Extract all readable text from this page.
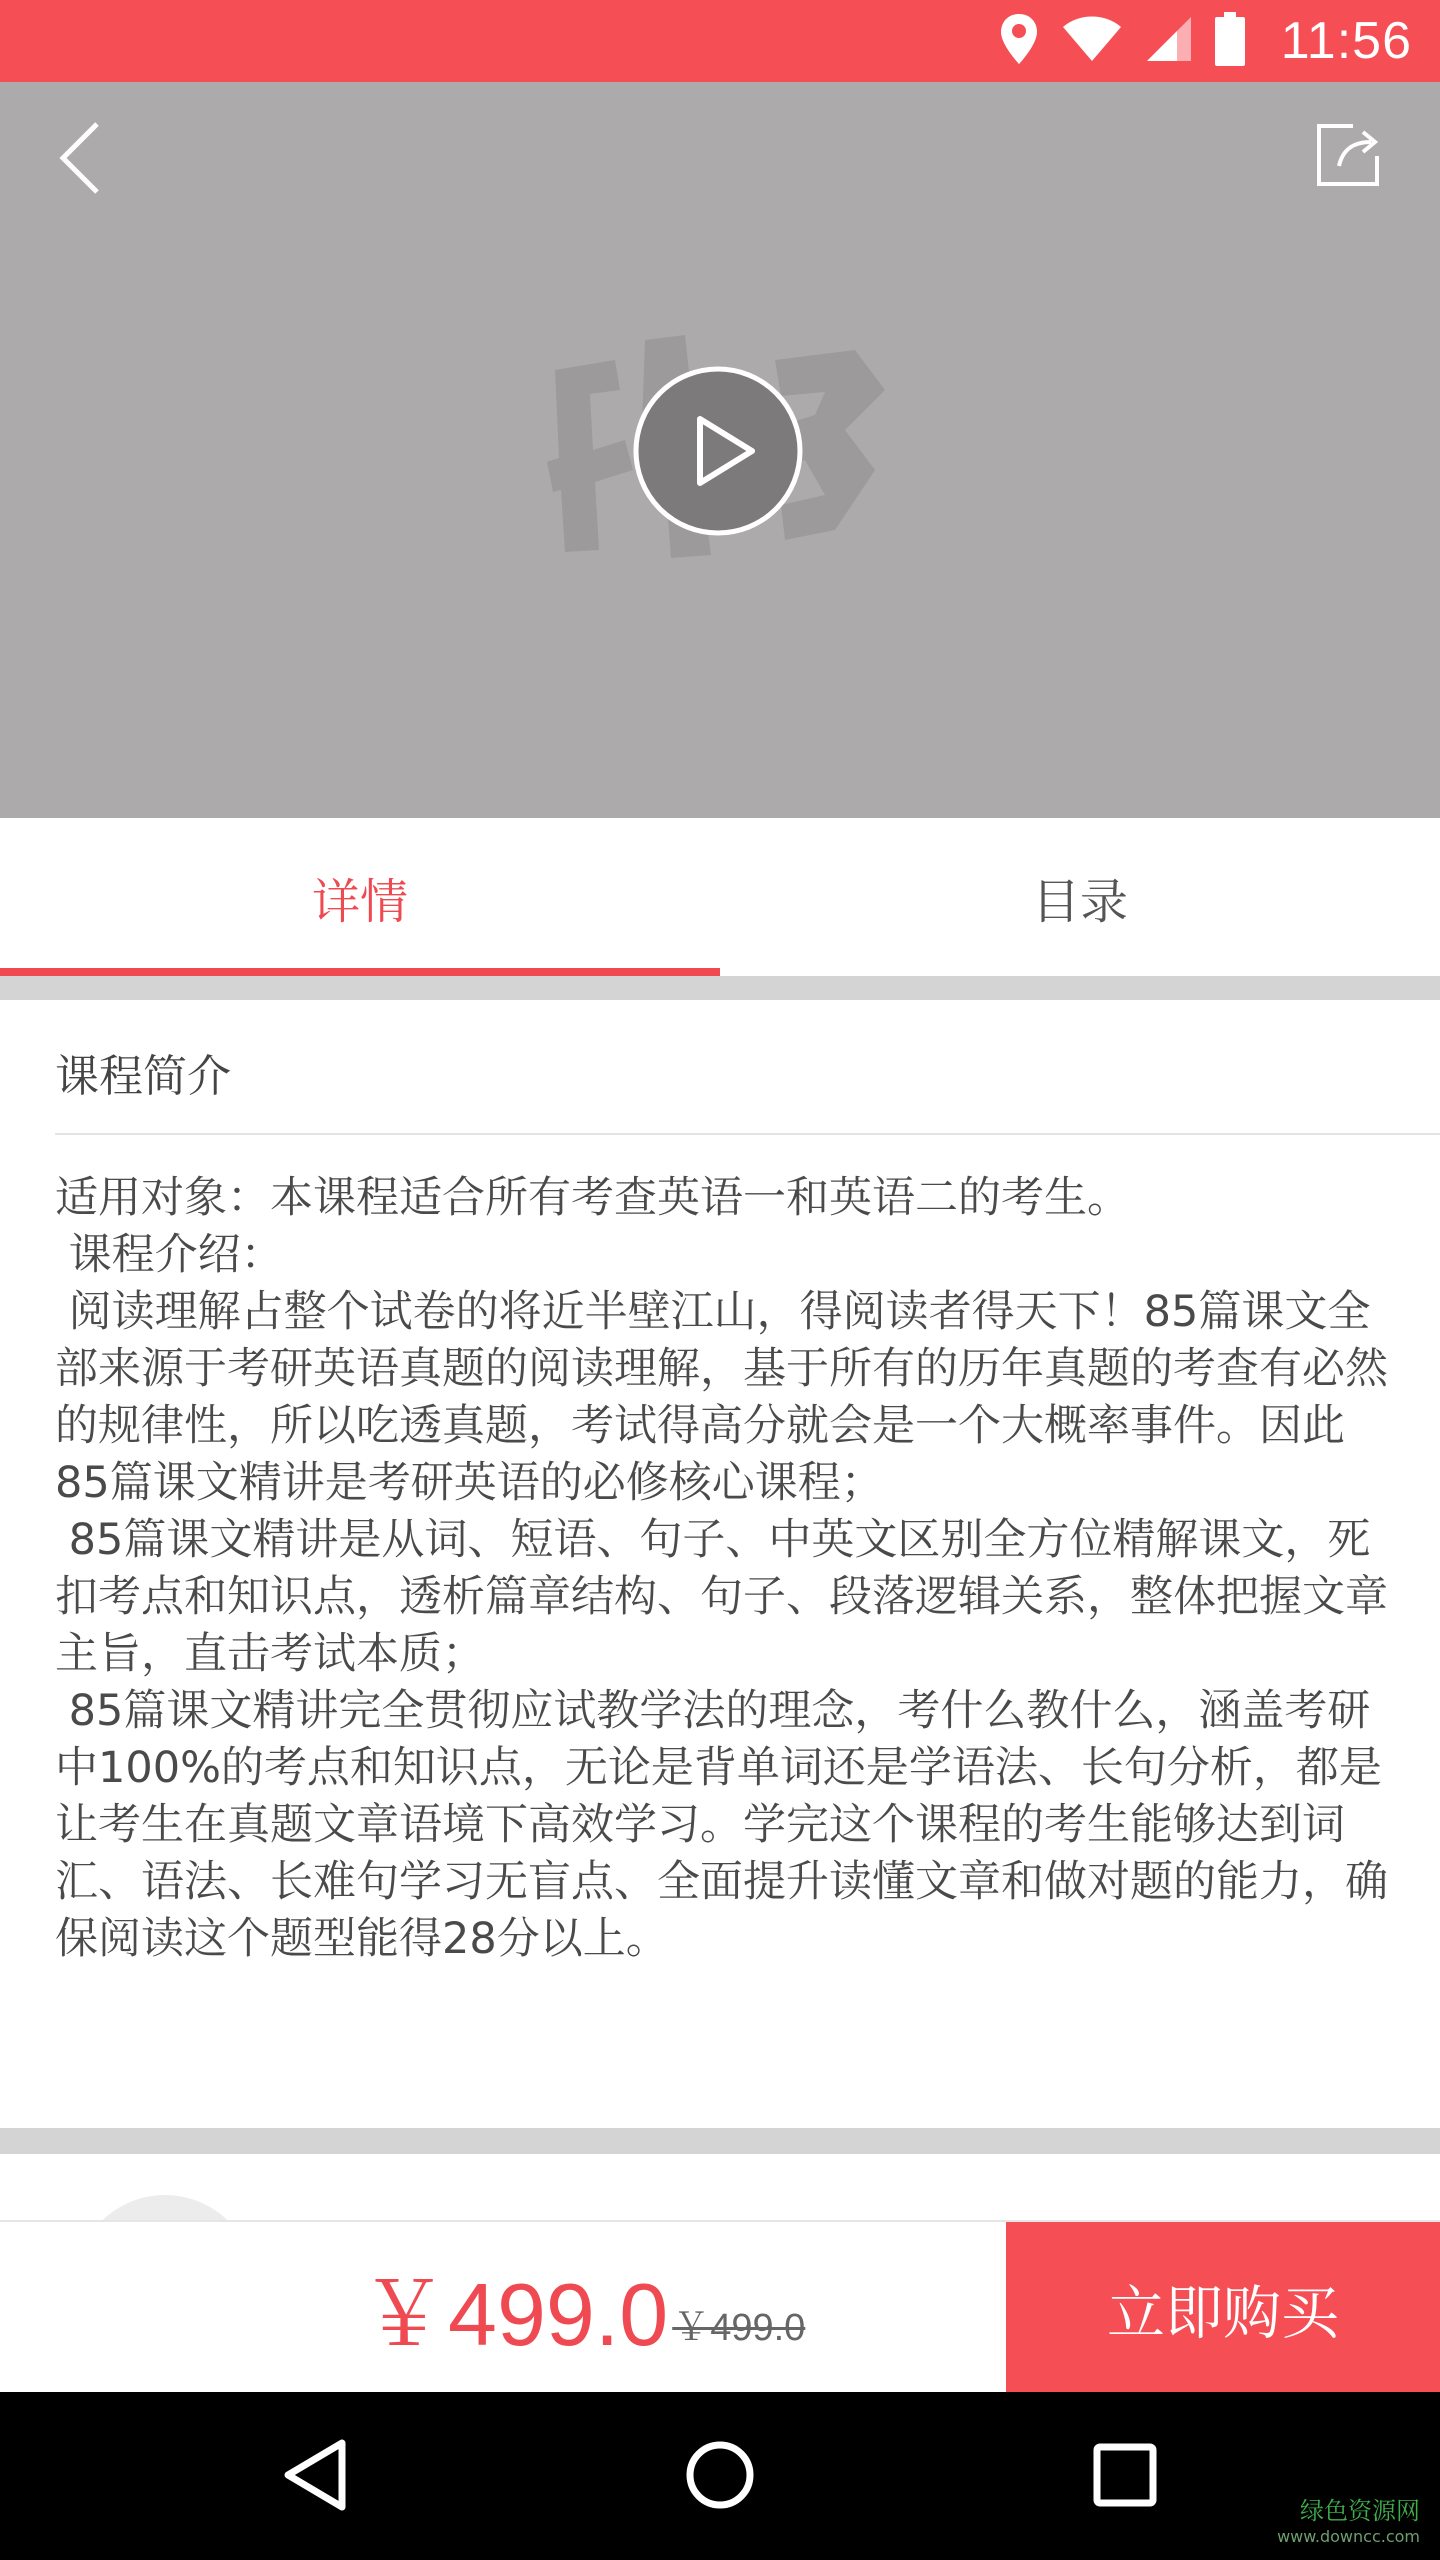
11:56
详情	目录
课程简介

适用对象：本课程适合所有考查英语一和英语二的考生。
课程介绍：
阅读理解占整个试卷的将近半壁江山，得阅读者得天下！85篇课文全部来源于考研英语真题的阅读理解，基于所有的历年真题的考查有必然的规律性，所以吃透真题，考试得高分就会是一个大概率事件。因此85篇课文精讲是考研英语的必修核心课程；
85篇课文精讲是从词、短语、句子、中英文区别全方位精解课文，死扣考点和知识点，透析篇章结构、句子、段落逻辑关系，整体把握文章主旨，直击考试本质；
85篇课文精讲完全贯彻应试教学法的理念，考什么教什么，涵盖考研中100%的考点和知识点，无论是背单词还是学语法、长句分析，都是让考生在真题文章语境下高效学习。学完这个课程的考生能够达到词汇、语法、长难句学习无盲点、全面提升读懂文章和做对题的能力，确保阅读这个题型能得28分以上。

￥499.0 ￥499.0	立即购买
绿色资源网
www.downcc.com
